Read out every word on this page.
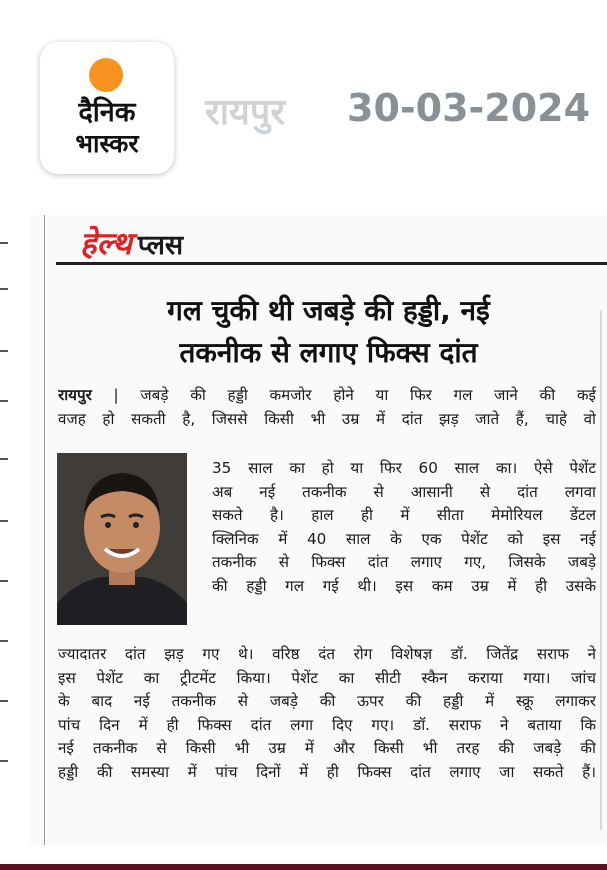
दैनिक
भास्कर
रायपुर 30-03-2024
हेल्थ प्लस
गल चुकी थी जबड़े की हड्डी, नई
तकनीक से लगाए फिक्स दांत
रायपुर | जबड़े की हड्डी कमजोर होने या फिर गल जाने की कई
वजह हो सकती है, जिससे किसी भी उम्र में दांत झड़ जाते हैं, चाहे वो
35 साल का हो या फिर 60 साल का। ऐसे पेशेंट
अब नई तकनीक से आसानी से दांत लगवा
सकते है। हाल ही में सीता मेमोरियल डेंटल
क्लिनिक में 40 साल के एक पेशेंट को इस नई
तकनीक से फिक्स दांत लगाए गए, जिसके जबड़े
की हड्डी गल गई थी। इस कम उम्र में ही उसके
ज्यादातर दांत झड़ गए थे। वरिष्ठ दंत रोग विशेषज्ञ डॉ. जितेंद्र सराफ ने
इस पेशेंट का ट्रीटमेंट किया। पेशेंट का सीटी स्कैन कराया गया। जांच
के बाद नई तकनीक से जबड़े की ऊपर की हड्डी में स्क्रू लगाकर
पांच दिन में ही फिक्स दांत लगा दिए गए। डॉ. सराफ ने बताया कि
नई तकनीक से किसी भी उम्र में और किसी भी तरह की जबड़े की
हड्डी की समस्या में पांच दिनों में ही फिक्स दांत लगाए जा सकते हैं।
